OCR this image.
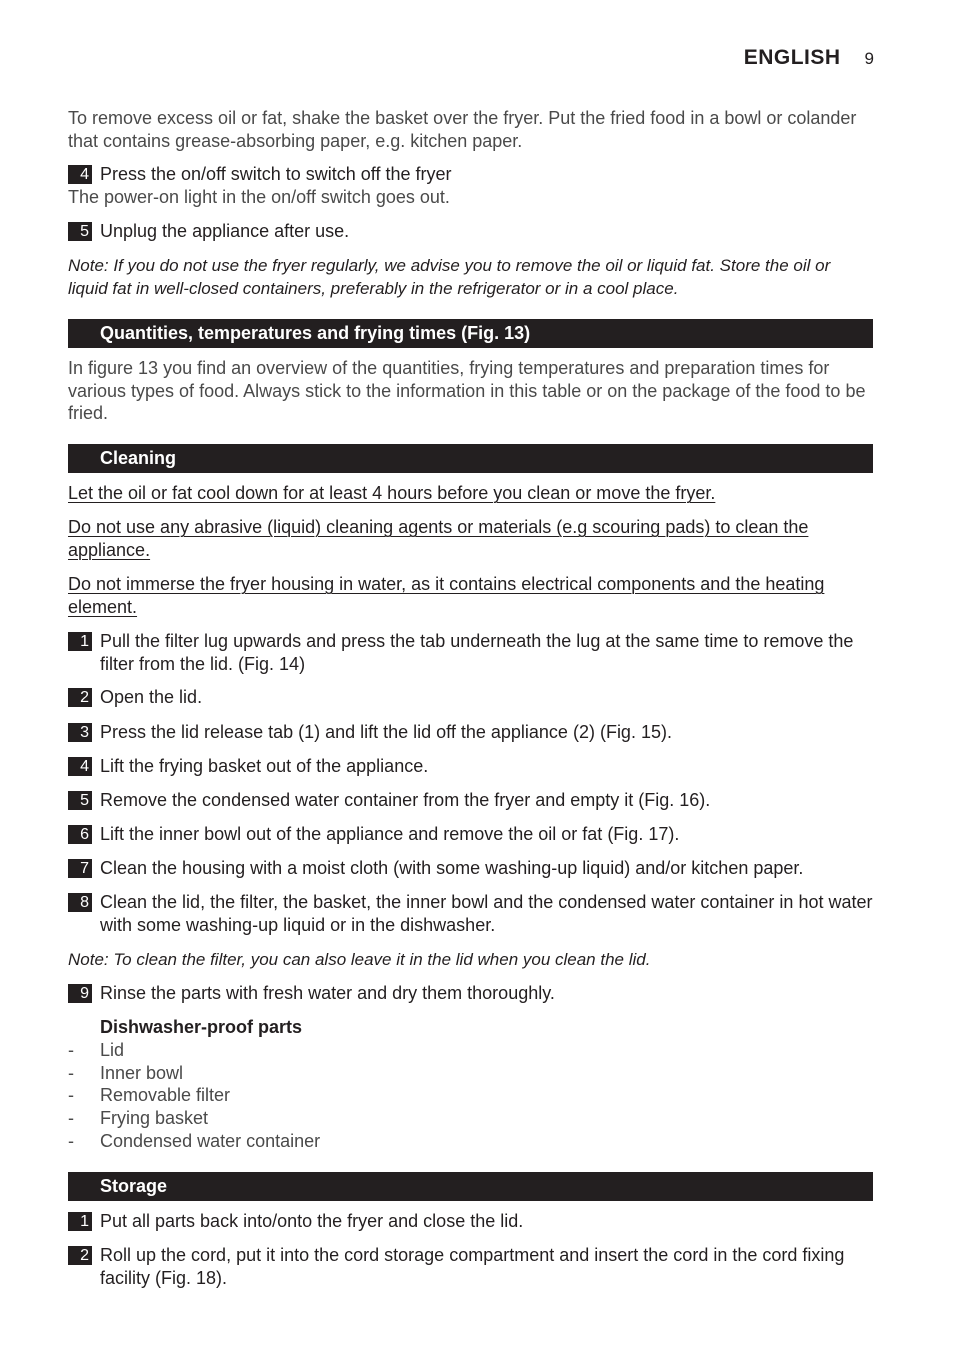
ENGLISH 9
To remove excess oil or fat, shake the basket over the fryer. Put the fried food in a bowl or colander that contains grease-absorbing paper, e.g. kitchen paper.
4 Press the on/off switch to switch off the fryer
The power-on light in the on/off switch goes out.
5 Unplug the appliance after use.
Note: If you do not use the fryer regularly, we advise you to remove the oil or liquid fat. Store the oil or liquid fat in well-closed containers, preferably in the refrigerator or in a cool place.
Quantities, temperatures and frying times (Fig. 13)
In figure 13 you find an overview of the quantities, frying temperatures and preparation times for various types of food. Always stick to the information in this table or on the package of the food to be fried.
Cleaning
Let the oil or fat cool down for at least 4 hours before you clean or move the fryer.
Do not use any abrasive (liquid) cleaning agents or materials (e.g scouring pads) to clean the appliance.
Do not immerse the fryer housing in water, as it contains electrical components and the heating element.
1 Pull the filter lug upwards and press the tab underneath the lug at the same time to remove the filter from the lid. (Fig. 14)
2 Open the lid.
3 Press the lid release tab (1) and lift the lid off the appliance (2) (Fig. 15).
4 Lift the frying basket out of the appliance.
5 Remove the condensed water container from the fryer and empty it (Fig. 16).
6 Lift the inner bowl out of the appliance and remove the oil or fat (Fig. 17).
7 Clean the housing with a moist cloth (with some washing-up liquid) and/or kitchen paper.
8 Clean the lid, the filter, the basket, the inner bowl and the condensed water container in hot water with some washing-up liquid or in the dishwasher.
Note: To clean the filter, you can also leave it in the lid when you clean the lid.
9 Rinse the parts with fresh water and dry them thoroughly.
Dishwasher-proof parts
-	Lid
-	Inner bowl
-	Removable filter
-	Frying basket
-	Condensed water container
Storage
1 Put all parts back into/onto the fryer and close the lid.
2 Roll up the cord, put it into the cord storage compartment and insert the cord in the cord fixing facility (Fig. 18).
